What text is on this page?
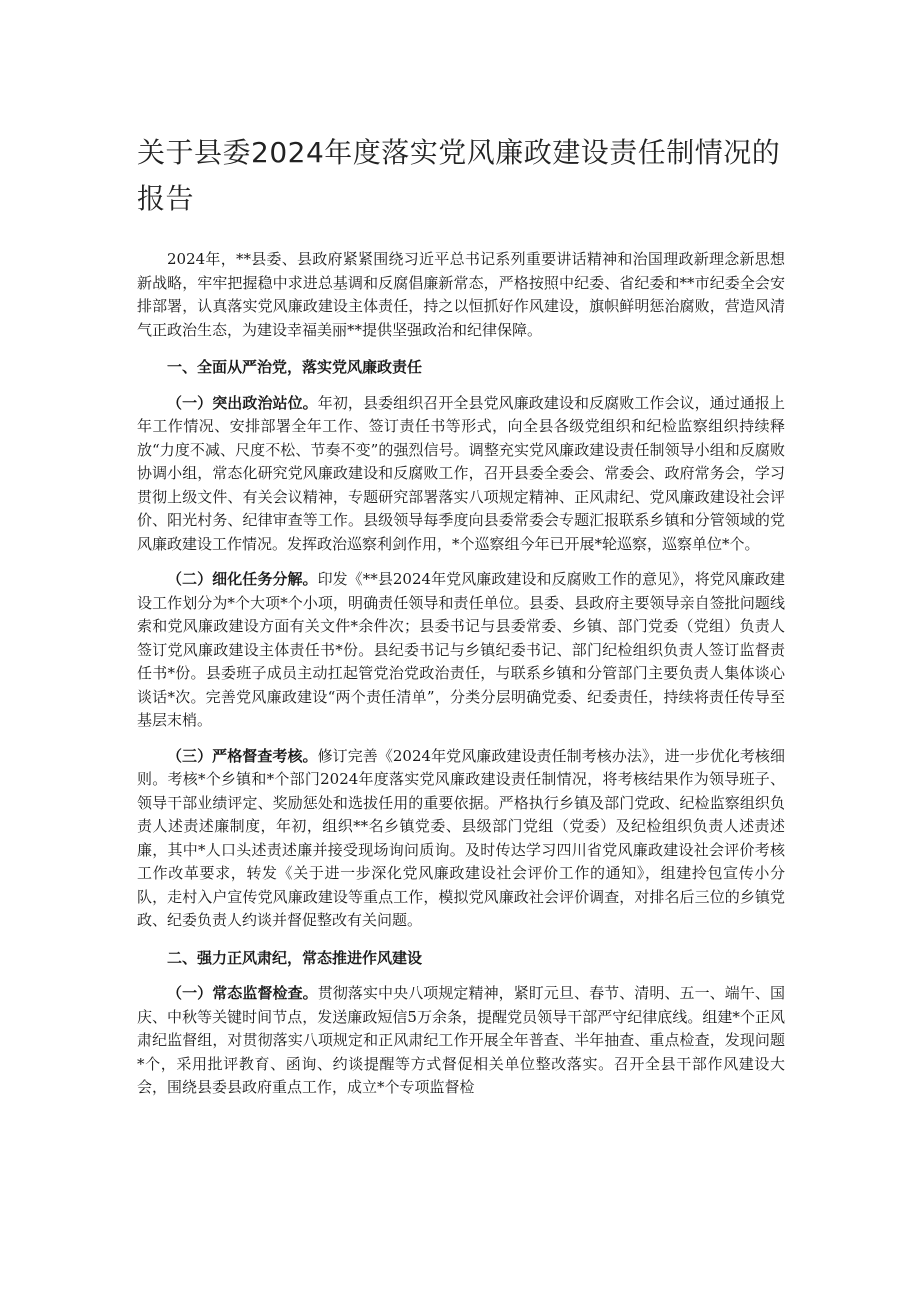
关于县委2024年度落实党风廉政建设责任制情况的
报告

2024年，**县委、县政府紧紧围绕习近平总书记系列重要讲话精神和治国理政新理念新思想新战略，牢牢把握稳中求进总基调和反腐倡廉新常态，严格按照中纪委、省纪委和**市纪委全会安排部署，认真落实党风廉政建设主体责任，持之以恒抓好作风建设，旗帜鲜明惩治腐败，营造风清气正政治生态，为建设幸福美丽**提供坚强政治和纪律保障。

一、全面从严治党，落实党风廉政责任

（一）突出政治站位。年初，县委组织召开全县党风廉政建设和反腐败工作会议，通过通报上年工作情况、安排部署全年工作、签订责任书等形式，向全县各级党组织和纪检监察组织持续释放“力度不减、尺度不松、节奏不变”的强烈信号。调整充实党风廉政建设责任制领导小组和反腐败协调小组，常态化研究党风廉政建设和反腐败工作，召开县委全委会、常委会、政府常务会，学习贯彻上级文件、有关会议精神，专题研究部署落实八项规定精神、正风肃纪、党风廉政建设社会评价、阳光村务、纪律审查等工作。县级领导每季度向县委常委会专题汇报联系乡镇和分管领域的党风廉政建设工作情况。发挥政治巡察利剑作用，*个巡察组今年已开展*轮巡察，巡察单位*个。

（二）细化任务分解。印发《**县2024年党风廉政建设和反腐败工作的意见》，将党风廉政建设工作划分为*个大项*个小项，明确责任领导和责任单位。县委、县政府主要领导亲自签批问题线索和党风廉政建设方面有关文件*余件次；县委书记与县委常委、乡镇、部门党委（党组）负责人签订党风廉政建设主体责任书*份。县纪委书记与乡镇纪委书记、部门纪检组织负责人签订监督责任书*份。县委班子成员主动扛起管党治党政治责任，与联系乡镇和分管部门主要负责人集体谈心谈话*次。完善党风廉政建设“两个责任清单”，分类分层明确党委、纪委责任，持续将责任传导至基层末梢。

（三）严格督查考核。修订完善《2024年党风廉政建设责任制考核办法》，进一步优化考核细则。考核*个乡镇和*个部门2024年度落实党风廉政建设责任制情况，将考核结果作为领导班子、领导干部业绩评定、奖励惩处和选拔任用的重要依据。严格执行乡镇及部门党政、纪检监察组织负责人述责述廉制度，年初，组织**名乡镇党委、县级部门党组（党委）及纪检组织负责人述责述廉，其中*人口头述责述廉并接受现场询问质询。及时传达学习四川省党风廉政建设社会评价考核工作改革要求，转发《关于进一步深化党风廉政建设社会评价工作的通知》，组建拎包宣传小分队，走村入户宣传党风廉政建设等重点工作，模拟党风廉政社会评价调查，对排名后三位的乡镇党政、纪委负责人约谈并督促整改有关问题。

二、强力正风肃纪，常态推进作风建设

（一）常态监督检查。贯彻落实中央八项规定精神，紧盯元旦、春节、清明、五一、端午、国庆、中秋等关键时间节点，发送廉政短信5万余条，提醒党员领导干部严守纪律底线。组建*个正风肃纪监督组，对贯彻落实八项规定和正风肃纪工作开展全年普查、半年抽查、重点检查，发现问题*个，采用批评教育、函询、约谈提醒等方式督促相关单位整改落实。召开全县干部作风建设大会，围绕县委县政府重点工作，成立*个专项监督检
